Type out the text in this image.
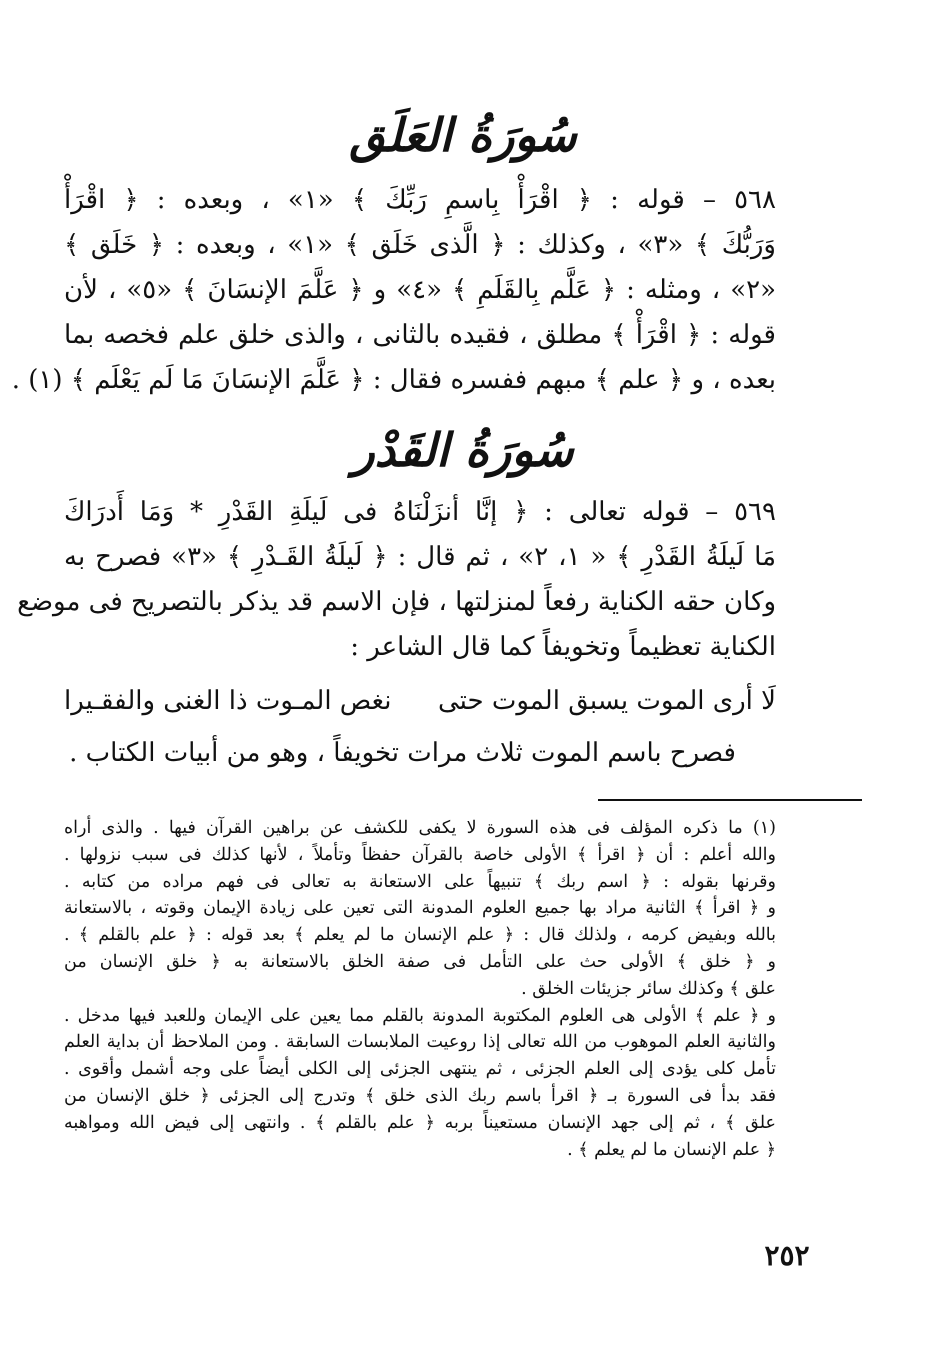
سُورَةُ العَلَق
٥٦٨ – قوله : ﴿ اقْرَأْ بِاسمِ رَبِّكَ ﴾ «١» ، وبعده : ﴿ اقْرَأْ
وَرَبُّكَ ﴾ «٣» ، وكذلك : ﴿ الَّذى خَلَق ﴾ «١» ، وبعده : ﴿ خَلَق ﴾
«٢» ، ومثله : ﴿ عَلَّم بِالقَلَمِ ﴾ «٤» و ﴿ عَلَّمَ الإنسَانَ ﴾ «٥» ، لأن
قوله : ﴿ اقْرَأْ ﴾ مطلق ، فقيده بالثانى ، والذى خلق علم فخصه بما
بعده ، و ﴿ علم ﴾ مبهم ففسره فقال : ﴿ عَلَّمَ الإنسَانَ مَا لَم يَعْلَم ﴾ (١) .
سُورَةُ القَدْر
٥٦٩ – قوله تعالى : ﴿ إنَّا أنزَلْنَاهُ فى لَيلَةِ القَدْرِ * وَمَا أَدرَاكَ
مَا لَيلَةُ القَدْرِ ﴾ « ١، ٢» ، ثم قال : ﴿ لَيلَةُ القَـدْرِ ﴾ «٣» فصرح به
وكان حقه الكناية رفعاً لمنزلتها ، فإن الاسم قد يذكر بالتصريح فى موضع
الكناية تعظيماً وتخويفاً كما قال الشاعر :
لَا أرى الموت يسبق الموت حتى
نغص المـوت ذا الغنى والفقـيرا
فصرح باسم الموت ثلاث مرات تخويفاً ، وهو من أبيات الكتاب .
(١) ما ذكره المؤلف فى هذه السورة لا يكفى للكشف عن براهين القرآن فيها . والذى أراه
والله أعلم : أن ﴿ اقرأ ﴾ الأولى خاصة بالقرآن حفظاً وتأملاً ، لأنها كذلك فى سبب نزولها .
وقرنها بقوله : ﴿ اسم ربك ﴾ تنبيهاً على الاستعانة به تعالى فى فهم مراده من كتابه .
و ﴿ اقرأ ﴾ الثانية مراد بها جميع العلوم المدونة التى تعين على زيادة الإيمان وقوته ، بالاستعانة
بالله وبفيض كرمه ، ولذلك قال : ﴿ علم الإنسان ما لم يعلم ﴾ بعد قوله : ﴿ علم بالقلم ﴾ .
و ﴿ خلق ﴾ الأولى حث على التأمل فى صفة الخلق بالاستعانة به ﴿ خلق الإنسان من
علق ﴾ وكذلك سائر جزيئات الخلق .
و ﴿ علم ﴾ الأولى هى العلوم المكتوبة المدونة بالقلم مما يعين على الإيمان وللعبد فيها مدخل .
والثانية العلم الموهوب من الله تعالى إذا روعيت الملابسات السابقة . ومن الملاحظ أن بداية العلم
تأمل كلى يؤدى إلى العلم الجزئى ، ثم ينتهى الجزئى إلى الكلى أيضاً على وجه أشمل وأقوى .
فقد بدأ فى السورة بـ ﴿ اقرأ باسم ربك الذى خلق ﴾ وتدرج إلى الجزئى ﴿ خلق الإنسان من
علق ﴾ ، ثم إلى جهد الإنسان مستعيناً بربه ﴿ علم بالقلم ﴾ . وانتهى إلى فيض الله ومواهبه
﴿ علم الإنسان ما لم يعلم ﴾ .
٢٥٢
